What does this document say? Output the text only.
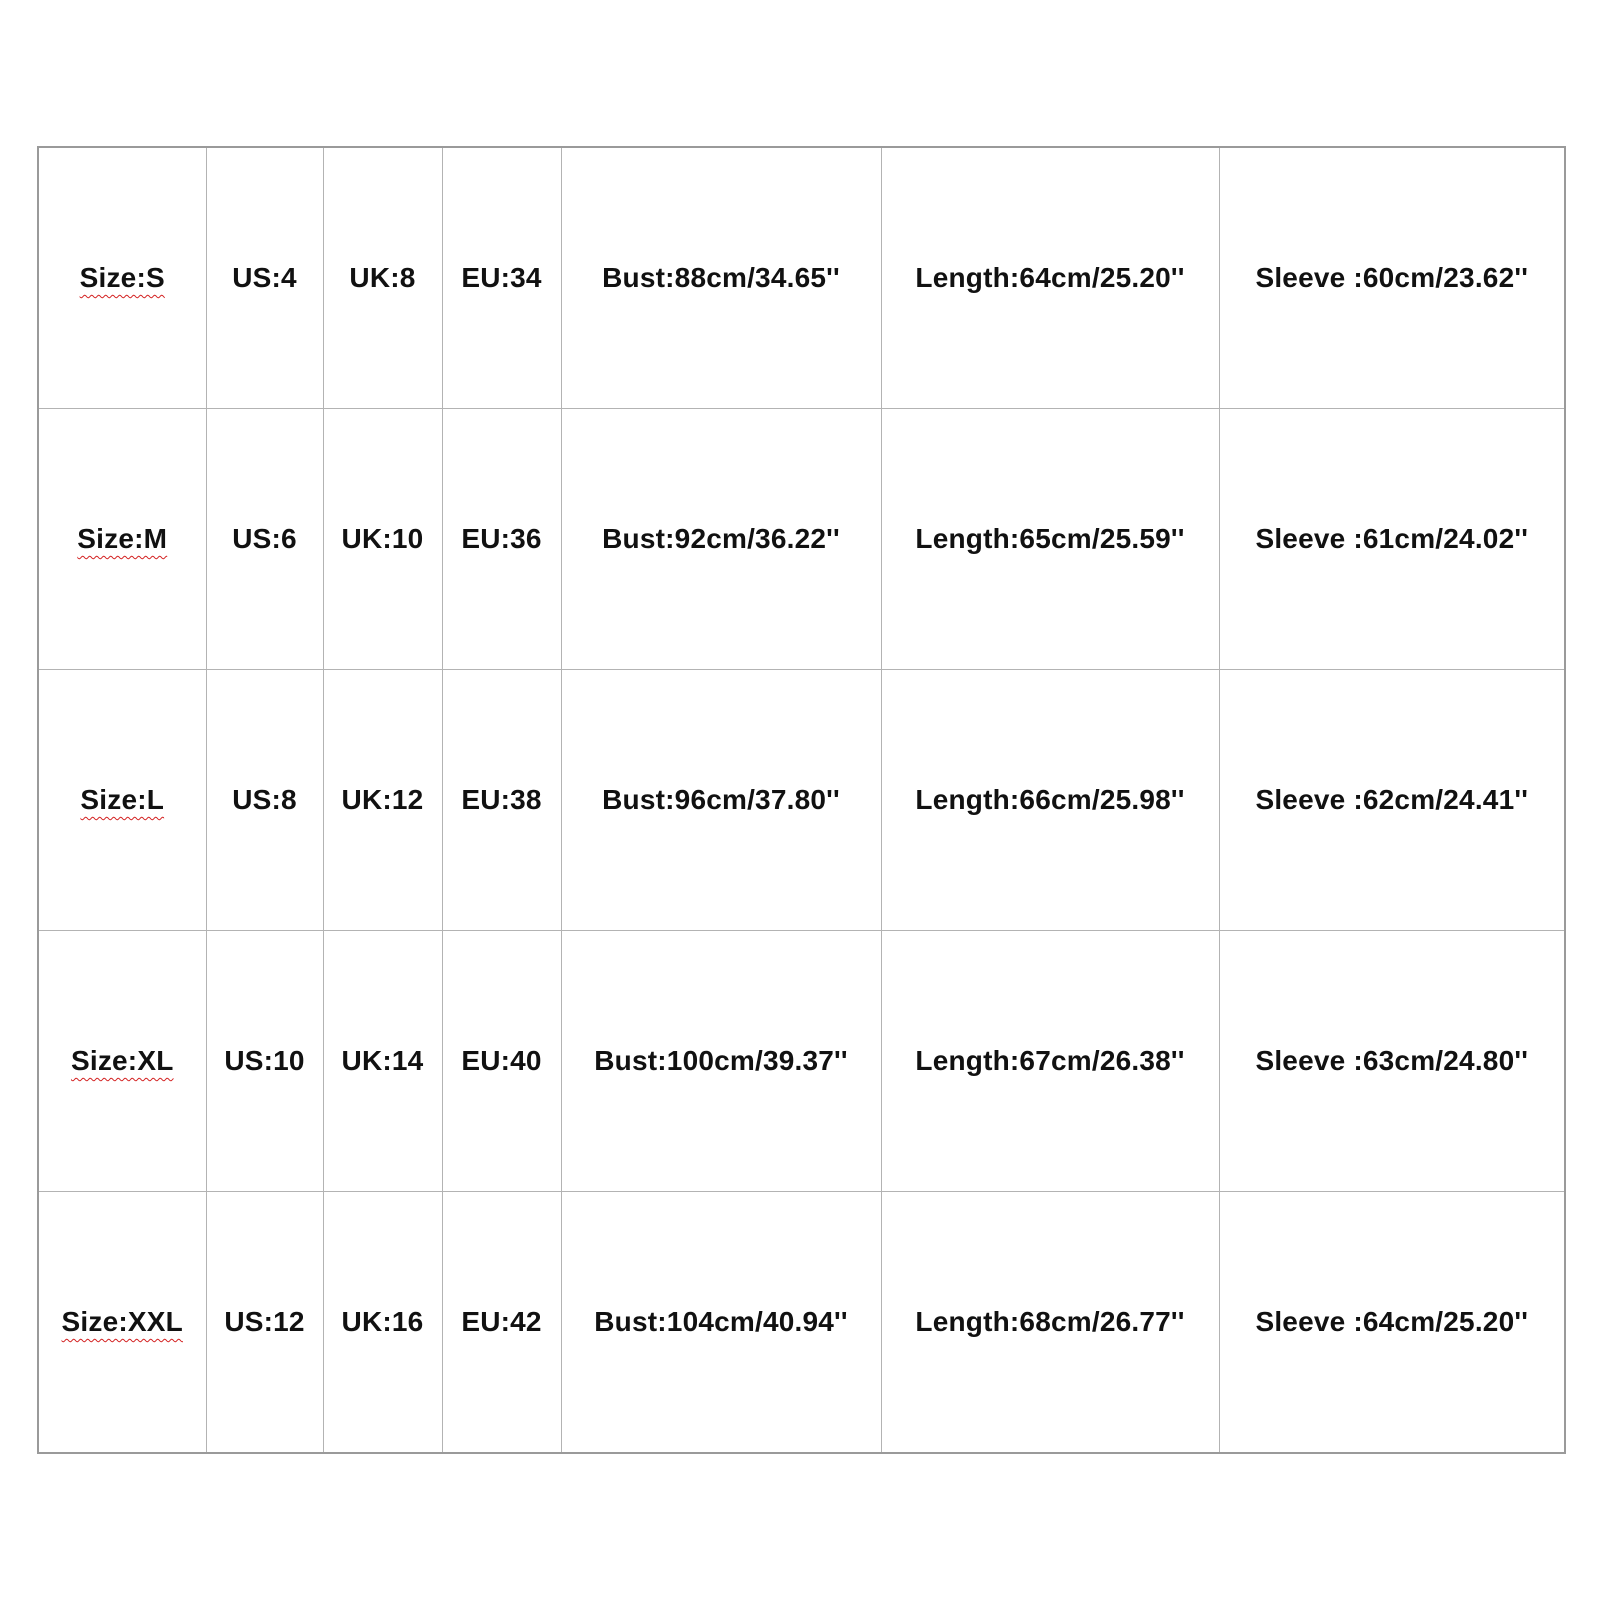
Size:S	US:4	UK:8	EU:34	Bust:88cm/34.65''	Length:64cm/25.20''	Sleeve :60cm/23.62''
Size:M	US:6	UK:10	EU:36	Bust:92cm/36.22''	Length:65cm/25.59''	Sleeve :61cm/24.02''
Size:L	US:8	UK:12	EU:38	Bust:96cm/37.80''	Length:66cm/25.98''	Sleeve :62cm/24.41''
Size:XL	US:10	UK:14	EU:40	Bust:100cm/39.37''	Length:67cm/26.38''	Sleeve :63cm/24.80''
Size:XXL	US:12	UK:16	EU:42	Bust:104cm/40.94''	Length:68cm/26.77''	Sleeve :64cm/25.20''
